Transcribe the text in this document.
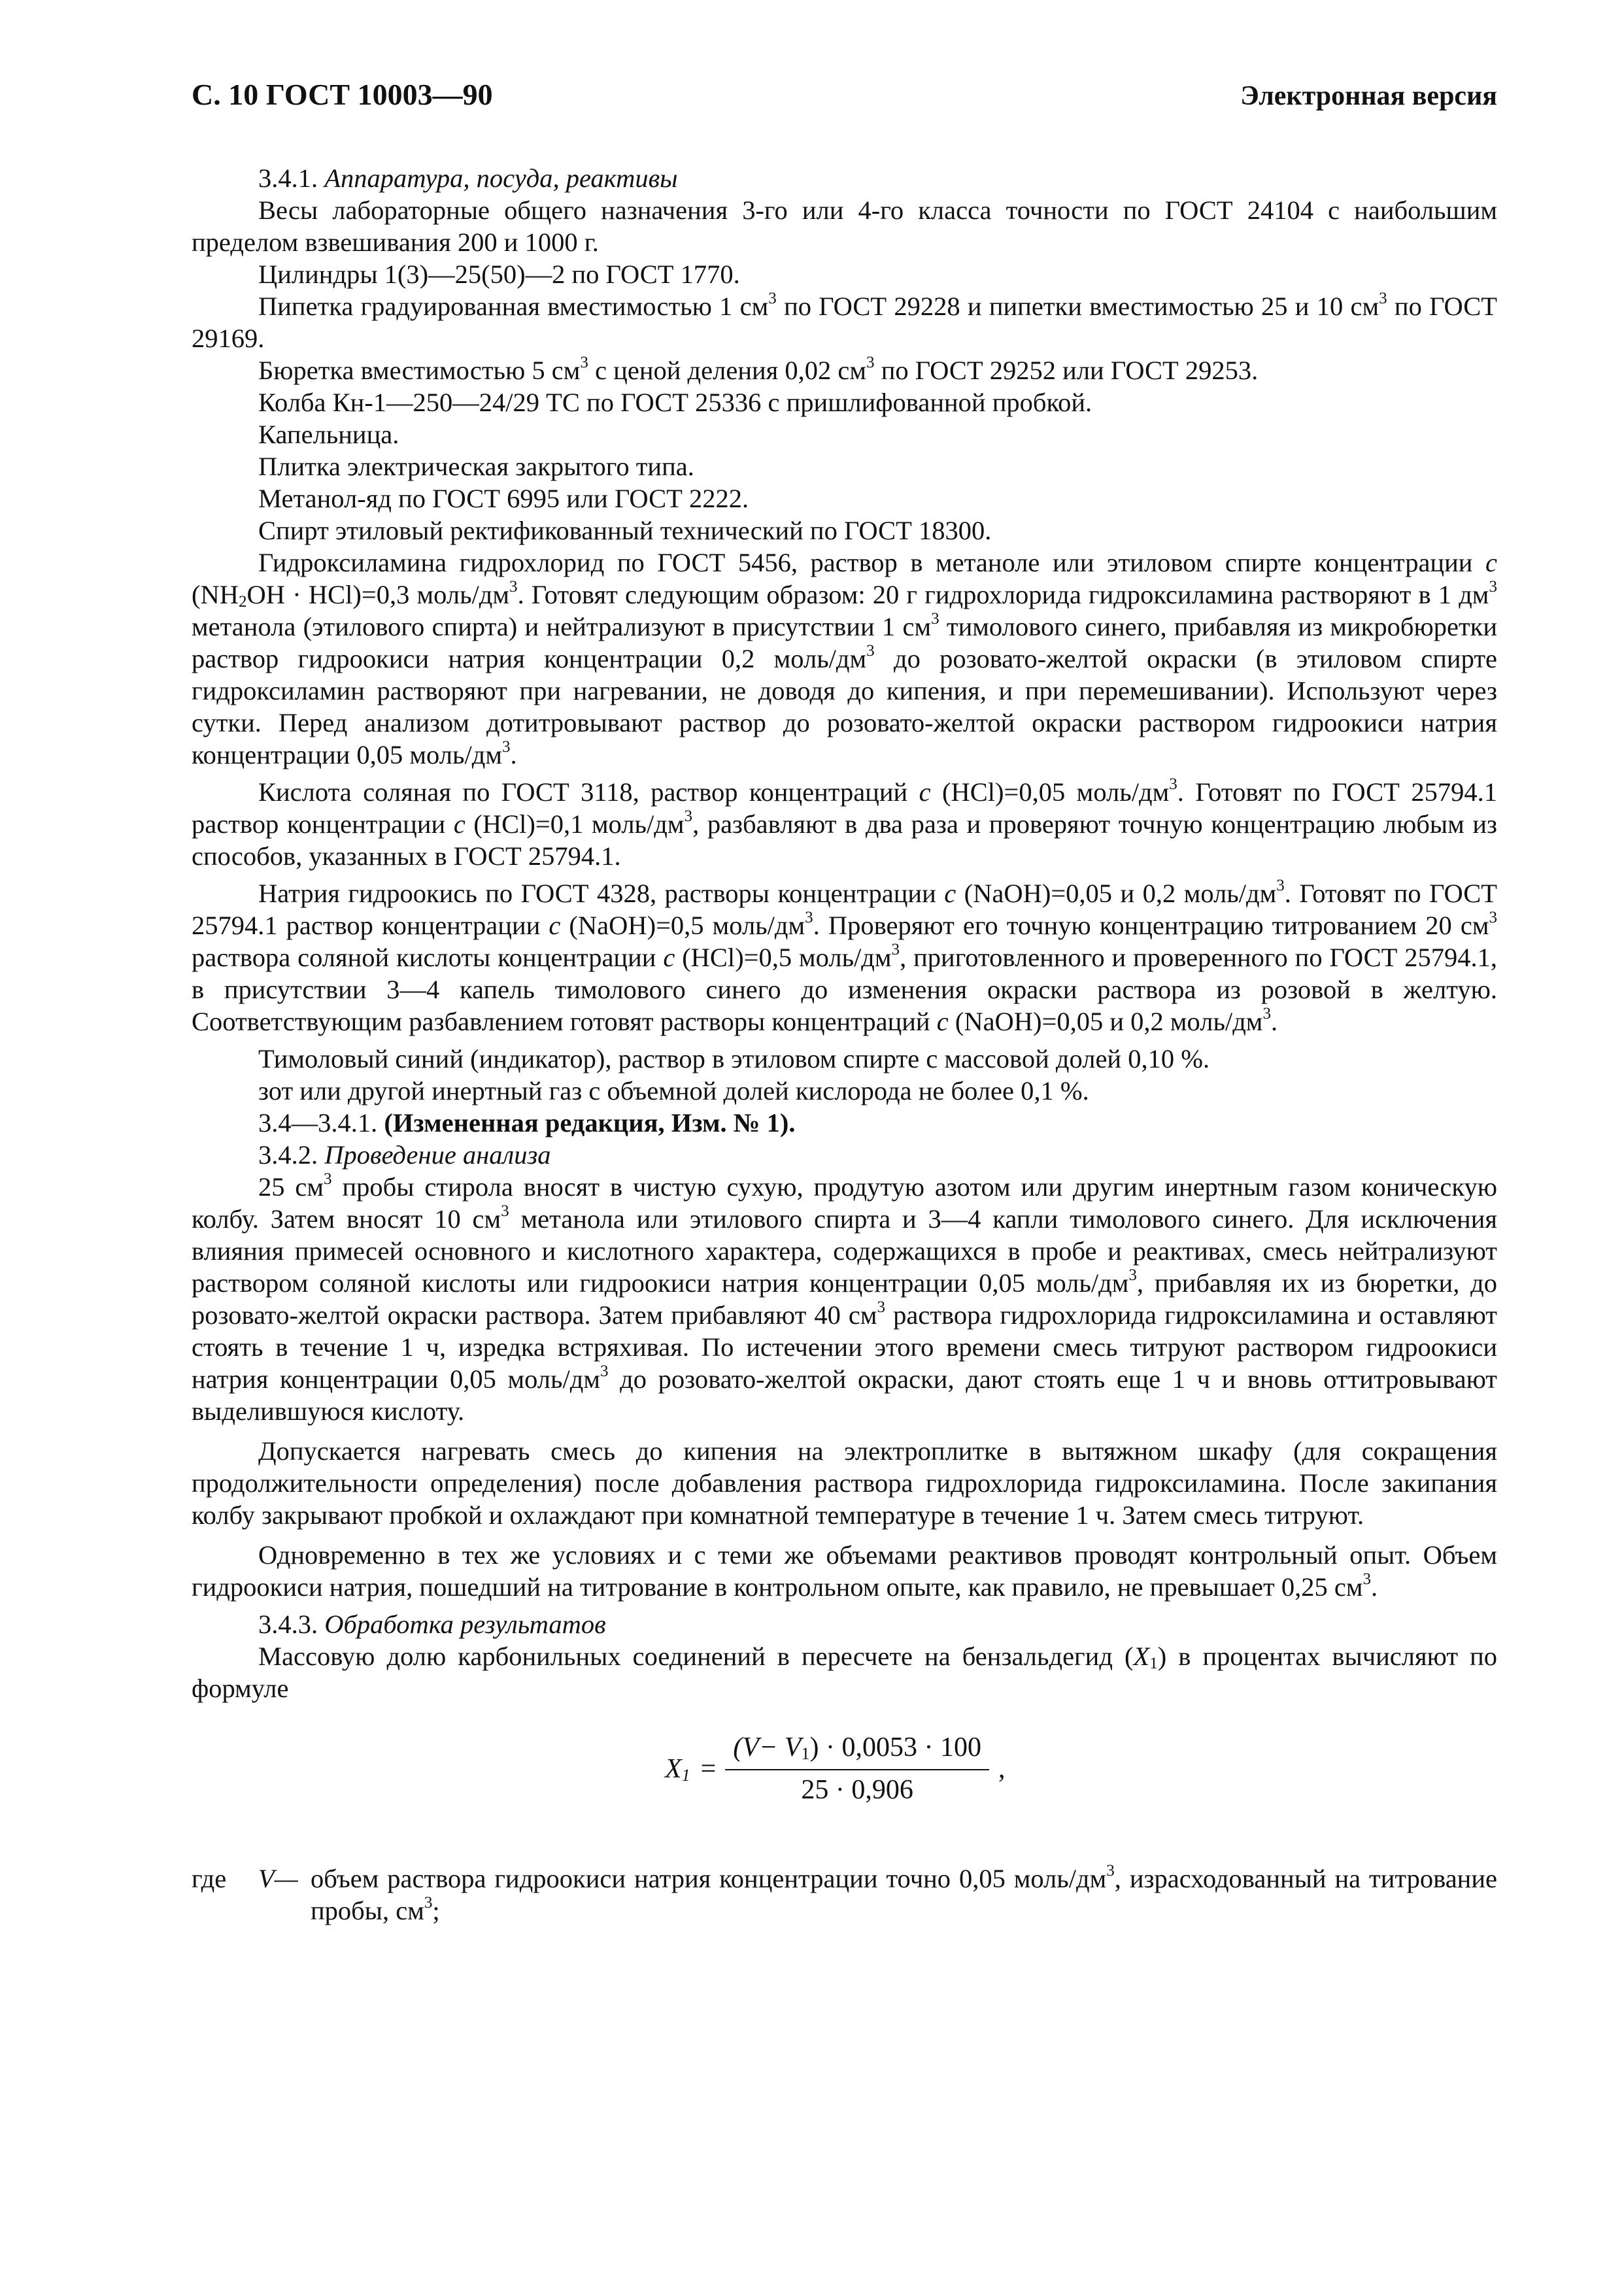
С. 10 ГОСТ 10003—90	Электронная версия

3.4.1. Аппаратура, посуда, реактивы

Весы лабораторные общего назначения 3-го или 4-го класса точности по ГОСТ 24104 с наибольшим пределом взвешивания 200 и 1000 г.

Цилиндры 1(3)—25(50)—2 по ГОСТ 1770.

Пипетка градуированная вместимостью 1 $см^3$ по ГОСТ 29228 и пипетки вместимостью 25 и 10 $см^3$ по ГОСТ 29169.

Бюретка вместимостью 5 $см^3$ с ценой деления 0,02 $см^3$ по ГОСТ 29252 или ГОСТ 29253.

Колба Кн-1—250—24/29 ТС по ГОСТ 25336 с пришлифованной пробкой.

Капельница.

Плитка электрическая закрытого типа.

Метанол-яд по ГОСТ 6995 или ГОСТ 2222.

Спирт этиловый ректификованный технический по ГОСТ 18300.

Гидроксиламина гидрохлорид по ГОСТ 5456, раствор в метаноле или этиловом спирте концентрации с $(NH_2OH \cdot HCl)=0,3$ моль/$дм^3$. Готовят следующим образом: 20 г гидрохлорида гидроксиламина растворяют в 1 $дм^3$ метанола (этилового спирта) и нейтрализуют в присутствии 1 $см^3$ тимолового синего, прибавляя из микробюретки раствор гидроокиси натрия концентрации 0,2 моль/$дм^3$ до розовато-желтой окраски (в этиловом спирте гидроксиламин растворяют при нагревании, не доводя до кипения, и при перемешивании). Используют через сутки. Перед анализом дотитровывают раствор до розовато-желтой окраски раствором гидроокиси натрия концентрации 0,05 моль/$дм^3$.

Кислота соляная по ГОСТ 3118, раствор концентраций с (HCl)=0,05 моль/$дм^3$. Готовят по ГОСТ 25794.1 раствор концентрации с (HCl)=0,1 моль/$дм^3$, разбавляют в два раза и проверяют точную концентрацию любым из способов, указанных в ГОСТ 25794.1.

Натрия гидроокись по ГОСТ 4328, растворы концентрации с (NaOH)=0,05 и 0,2 моль/$дм^3$. Готовят по ГОСТ 25794.1 раствор концентрации с (NaOH)=0,5 моль/$дм^3$. Проверяют его точную концентрацию титрованием 20 $см^3$ раствора соляной кислоты концентрации с (HCl)=0,5 моль/$дм^3$, приготовленного и проверенного по ГОСТ 25794.1, в присутствии 3—4 капель тимолового синего до изменения окраски раствора из розовой в желтую. Соответствующим разбавлением готовят растворы концентраций с (NaOH)=0,05 и 0,2 моль/$дм^3$.

Тимоловый синий (индикатор), раствор в этиловом спирте с массовой долей 0,10 %.

зот или другой инертный газ с объемной долей кислорода не более 0,1 %.

3.4—3.4.1. (Измененная редакция, Изм. № 1).

3.4.2. Проведение анализа

25 $см^3$ пробы стирола вносят в чистую сухую, продутую азотом или другим инертным газом коническую колбу. Затем вносят 10 $см^3$ метанола или этилового спирта и 3—4 капли тимолового синего. Для исключения влияния примесей основного и кислотного характера, содержащихся в пробе и реактивах, смесь нейтрализуют раствором соляной кислоты или гидроокиси натрия концентрации 0,05 моль/$дм^3$, прибавляя их из бюретки, до розовато-желтой окраски раствора. Затем прибавляют 40 $см^3$ раствора гидрохлорида гидроксиламина и оставляют стоять в течение 1 ч, изредка встряхивая. По истечении этого времени смесь титруют раствором гидроокиси натрия концентрации 0,05 моль/$дм^3$ до розовато-желтой окраски, дают стоять еще 1 ч и вновь оттитровывают выделившуюся кислоту.

Допускается нагревать смесь до кипения на электроплитке в вытяжном шкафу (для сокращения продолжительности определения) после добавления раствора гидрохлорида гидроксиламина. После закипания колбу закрывают пробкой и охлаждают при комнатной температуре в течение 1 ч. Затем смесь титруют.

Одновременно в тех же условиях и с теми же объемами реактивов проводят контрольный опыт. Объем гидроокиси натрия, пошедший на титрование в контрольном опыте, как правило, не превышает 0,25 $см^3$.

3.4.3. Обработка результатов

Массовую долю карбонильных соединений в пересчете на бензальдегид $(X_1)$ в процентах вычисляют по формуле

$X_1 = \frac{(V- V_1) \cdot 0,0053 \cdot 100}{25 \cdot 0,906}$ ,
где	V— объем раствора гидроокиси натрия концентрации точно 0,05 моль/$дм^3$, израсходованный на титрование пробы, $см^3$;
